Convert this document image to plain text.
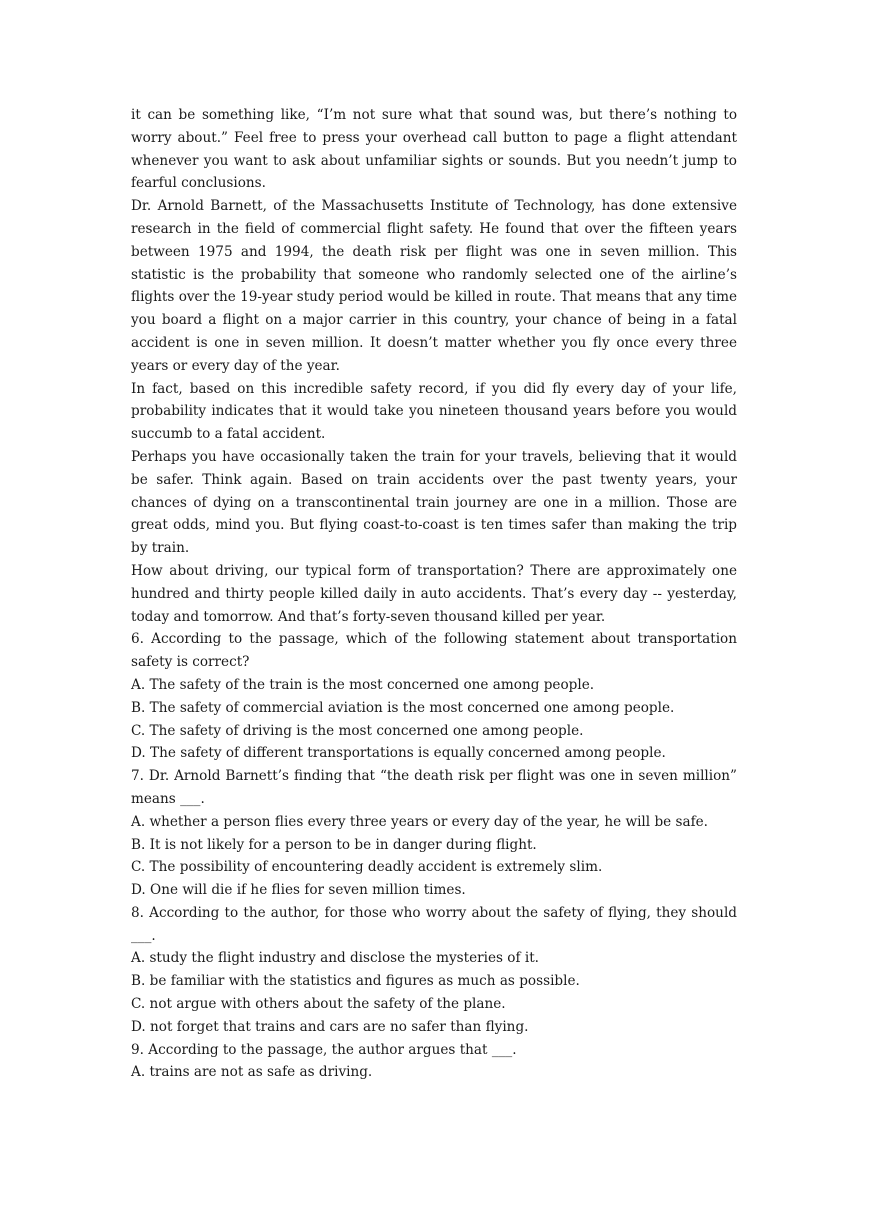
it can be something like, “I’m not sure what that sound was, but there’s nothing to worry about.” Feel free to press your overhead call button to page a flight attendant whenever you want to ask about unfamiliar sights or sounds. But you needn’t jump to fearful conclusions.

Dr. Arnold Barnett, of the Massachusetts Institute of Technology, has done extensive research in the field of commercial flight safety. He found that over the fifteen years between 1975 and 1994, the death risk per flight was one in seven million. This statistic is the probability that someone who randomly selected one of the airline’s flights over the 19-year study period would be killed in route. That means that any time you board a flight on a major carrier in this country, your chance of being in a fatal accident is one in seven million. It doesn’t matter whether you fly once every three years or every day of the year.

In fact, based on this incredible safety record, if you did fly every day of your life, probability indicates that it would take you nineteen thousand years before you would succumb to a fatal accident.

Perhaps you have occasionally taken the train for your travels, believing that it would be safer. Think again. Based on train accidents over the past twenty years, your chances of dying on a transcontinental train journey are one in a million. Those are great odds, mind you. But flying coast-to-coast is ten times safer than making the trip by train.

How about driving, our typical form of transportation? There are approximately one hundred and thirty people killed daily in auto accidents. That’s every day -- yesterday, today and tomorrow. And that’s forty-seven thousand killed per year.

6. According to the passage, which of the following statement about transportation safety is correct?

A. The safety of the train is the most concerned one among people.

B. The safety of commercial aviation is the most concerned one among people.

C. The safety of driving is the most concerned one among people.

D. The safety of different transportations is equally concerned among people.

7. Dr. Arnold Barnett’s finding that “the death risk per flight was one in seven million” means ___.

A. whether a person flies every three years or every day of the year, he will be safe.

B. It is not likely for a person to be in danger during flight.

C. The possibility of encountering deadly accident is extremely slim.

D. One will die if he flies for seven million times.

8. According to the author, for those who worry about the safety of flying, they should ___.

A. study the flight industry and disclose the mysteries of it.

B. be familiar with the statistics and figures as much as possible.

C. not argue with others about the safety of the plane.

D. not forget that trains and cars are no safer than flying.

9. According to the passage, the author argues that ___.

A. trains are not as safe as driving.
